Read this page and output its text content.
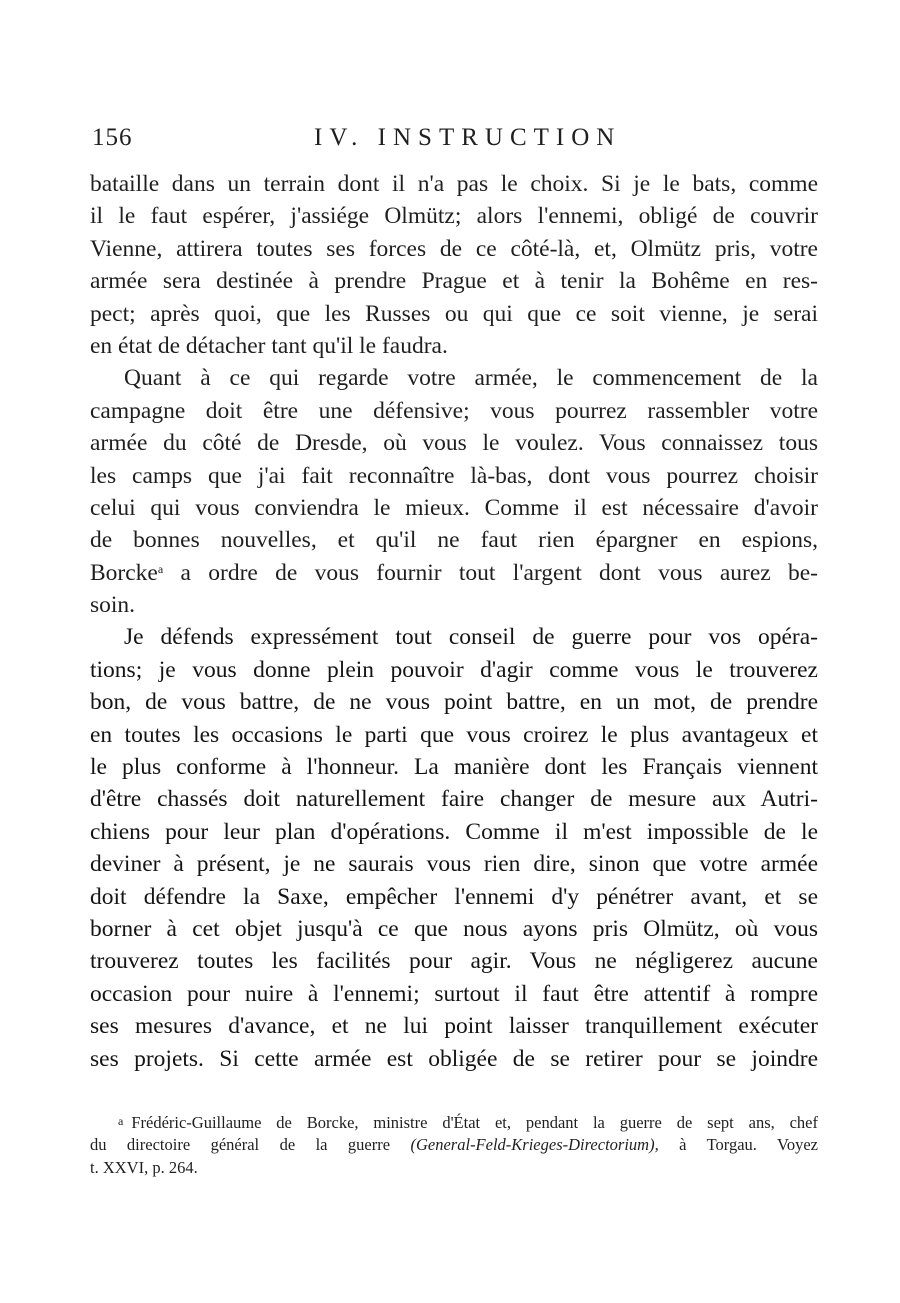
156	IV. INSTRUCTION
bataille dans un terrain dont il n'a pas le choix. Si je le bats, comme
il le faut espérer, j'assiége Olmütz; alors l'ennemi, obligé de couvrir
Vienne, attirera toutes ses forces de ce côté-là, et, Olmütz pris, votre
armée sera destinée à prendre Prague et à tenir la Bohême en res-
pect; après quoi, que les Russes ou qui que ce soit vienne, je serai
en état de détacher tant qu'il le faudra.
Quant à ce qui regarde votre armée, le commencement de la
campagne doit être une défensive; vous pourrez rassembler votre
armée du côté de Dresde, où vous le voulez. Vous connaissez tous
les camps que j'ai fait reconnaître là-bas, dont vous pourrez choisir
celui qui vous conviendra le mieux. Comme il est nécessaire d'avoir
de bonnes nouvelles, et qu'il ne faut rien épargner en espions,
Borcke$^a$ a ordre de vous fournir tout l'argent dont vous aurez be-
soin.
Je défends expressément tout conseil de guerre pour vos opéra-
tions; je vous donne plein pouvoir d'agir comme vous le trouverez
bon, de vous battre, de ne vous point battre, en un mot, de prendre
en toutes les occasions le parti que vous croirez le plus avantageux et
le plus conforme à l'honneur. La manière dont les Français viennent
d'être chassés doit naturellement faire changer de mesure aux Autri-
chiens pour leur plan d'opérations. Comme il m'est impossible de le
deviner à présent, je ne saurais vous rien dire, sinon que votre armée
doit défendre la Saxe, empêcher l'ennemi d'y pénétrer avant, et se
borner à cet objet jusqu'à ce que nous ayons pris Olmütz, où vous
trouverez toutes les facilités pour agir. Vous ne négligerez aucune
occasion pour nuire à l'ennemi; surtout il faut être attentif à rompre
ses mesures d'avance, et ne lui point laisser tranquillement exécuter
ses projets. Si cette armée est obligée de se retirer pour se joindre
a Frédéric-Guillaume de Borcke, ministre d'État et, pendant la guerre de sept ans, chef
du directoire général de la guerre (General-Feld-Krieges-Directorium), à Torgau. Voyez
t. XXVI, p. 264.
